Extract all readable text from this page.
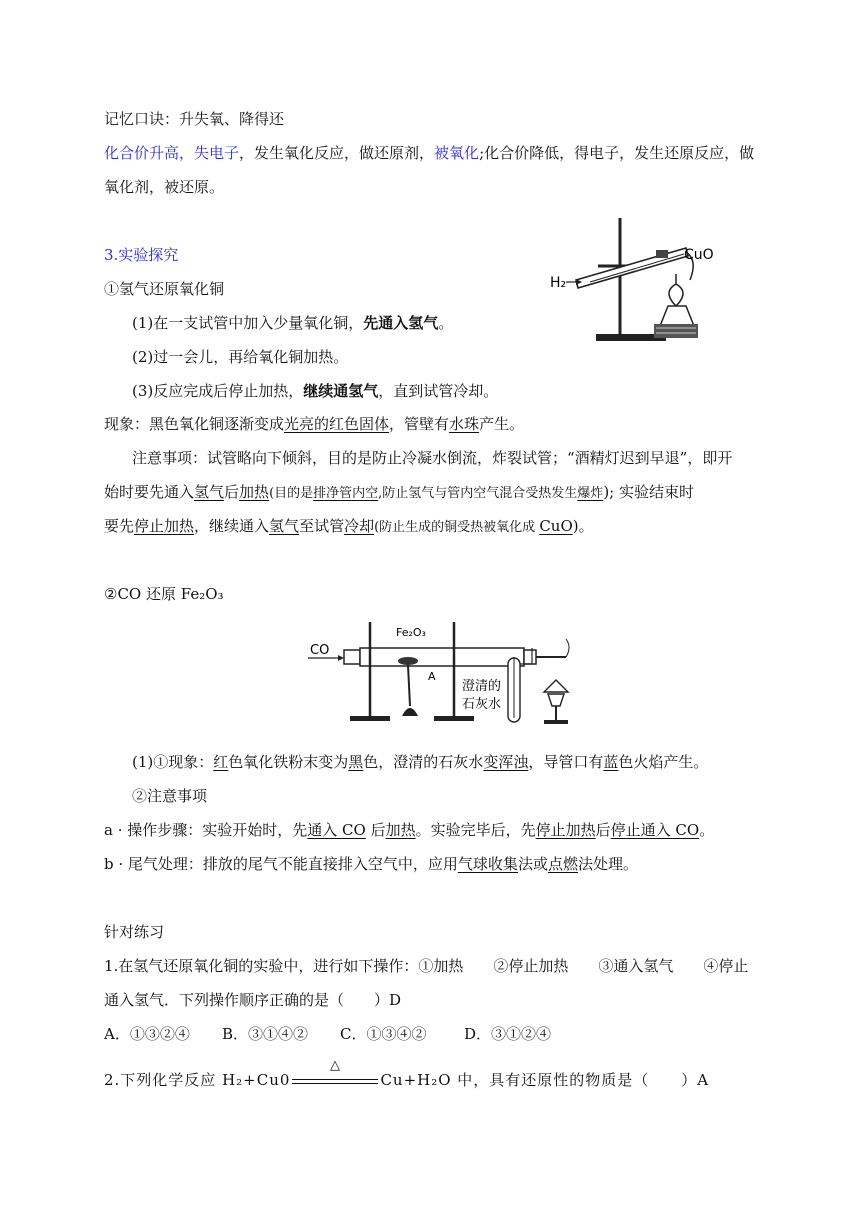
记忆口诀：升失氧、降得还
化合价升高，失电子，发生氧化反应，做还原剂，被氧化;化合价降低，得电子，发生还原反应，做
氧化剂，被还原。
3.实验探究
①氢气还原氧化铜
(1)在一支试管中加入少量氧化铜，先通入氢气。
(2)过一会儿，再给氧化铜加热。
(3)反应完成后停止加热，继续通氢气，直到试管冷却。
现象：黑色氧化铜逐渐变成光亮的红色固体，管壁有水珠产生。
注意事项：试管略向下倾斜，目的是防止冷凝水倒流，炸裂试管；“酒精灯迟到早退”，即开
始时要先通入氢气后加热(目的是排净管内空,防止氢气与管内空气混合受热发生爆炸); 实验结束时
要先停止加热，继续通入氢气至试管冷却(防止生成的铜受热被氧化成 CuO)。
H₂
CuO
②CO 还原 Fe₂O₃
CO
Fe₂O₃
A
澄清的
石灰水
(1)①现象：红色氧化铁粉末变为黑色，澄清的石灰水变浑浊，导管口有蓝色火焰产生。
②注意事项
a · 操作步骤：实验开始时，先通入 CO 后加热。实验完毕后，先停止加热后停止通入 CO。
b · 尾气处理：排放的尾气不能直接排入空气中，应用气球收集法或点燃法处理。
针对练习
1.在氢气还原氧化铜的实验中，进行如下操作：①加热　　②停止加热　　③通入氢气　　④停止
通入氢气．下列操作顺序正确的是（　　）D
A．①③②④ B．③①④② C．①③④②	D．③①②④
2.下列化学反应 H₂+Cu0
△
Cu+H₂O 中，具有还原性的物质是（　　）A
